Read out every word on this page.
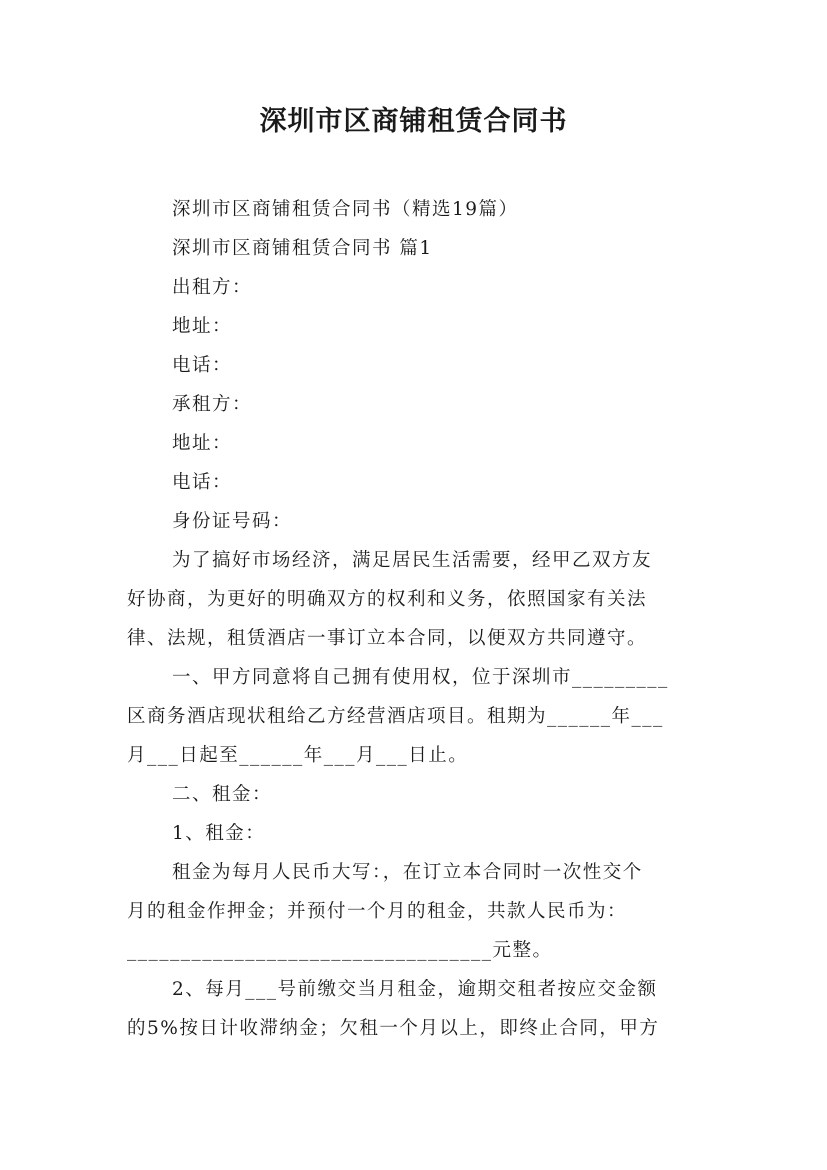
深圳市区商铺租赁合同书
深圳市区商铺租赁合同书（精选19篇）
深圳市区商铺租赁合同书 篇1
出租方：
地址：
电话：
承租方：
地址：
电话：
身份证号码：
为了搞好市场经济，满足居民生活需要，经甲乙双方友
好协商，为更好的明确双方的权利和义务，依照国家有关法
律、法规，租赁酒店一事订立本合同，以便双方共同遵守。
一、甲方同意将自己拥有使用权，位于深圳市_________
区商务酒店现状租给乙方经营酒店项目。租期为______年___
月___日起至______年___月___日止。
二、租金：
1、租金：
租金为每月人民币大写：，在订立本合同时一次性交个
月的租金作押金；并预付一个月的租金，共款人民币为：
__________________________________元整。
2、每月___号前缴交当月租金，逾期交租者按应交金额
的5%按日计收滞纳金；欠租一个月以上，即终止合同，甲方
